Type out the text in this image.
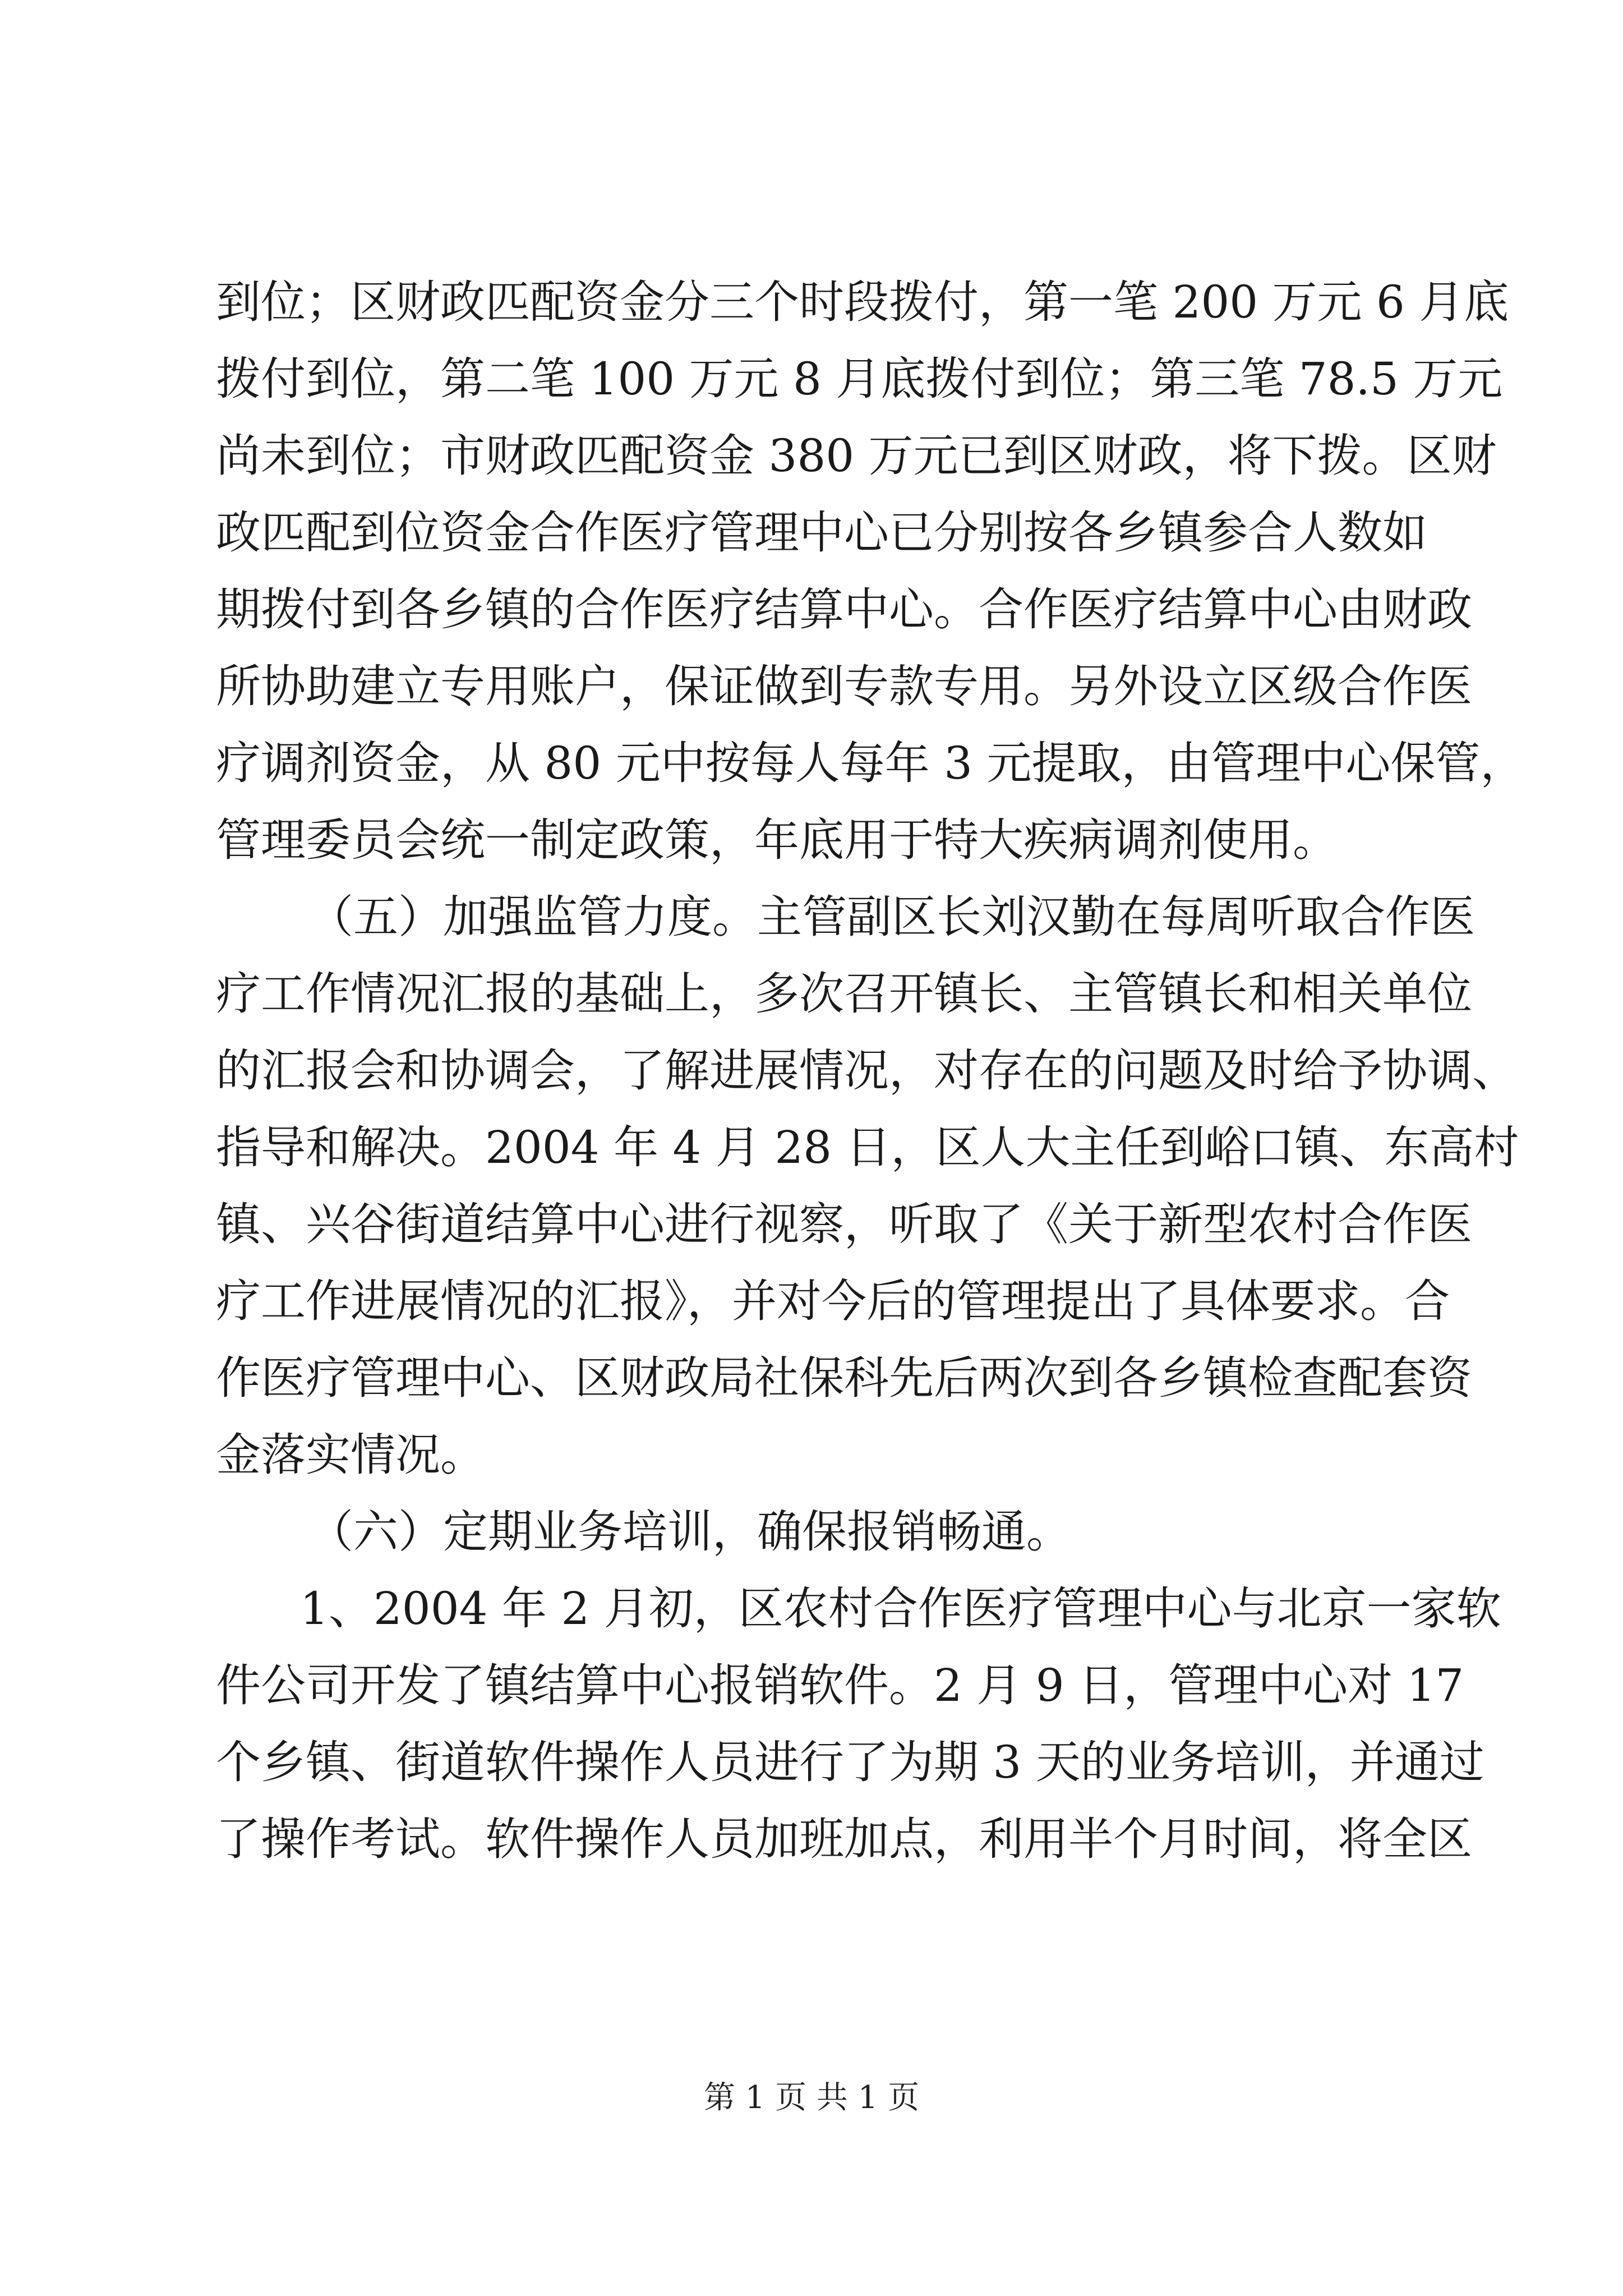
到位；区财政匹配资金分三个时段拨付，第一笔 200 万元 6 月底
拨付到位，第二笔 100 万元 8 月底拨付到位；第三笔 78.5 万元
尚未到位；市财政匹配资金 380 万元已到区财政，将下拨。区财
政匹配到位资金合作医疗管理中心已分别按各乡镇参合人数如
期拨付到各乡镇的合作医疗结算中心。合作医疗结算中心由财政
所协助建立专用账户，保证做到专款专用。另外设立区级合作医
疗调剂资金，从 80 元中按每人每年 3 元提取，由管理中心保管，
管理委员会统一制定政策，年底用于特大疾病调剂使用。
（五）加强监管力度。主管副区长刘汉勤在每周听取合作医
疗工作情况汇报的基础上，多次召开镇长、主管镇长和相关单位
的汇报会和协调会，了解进展情况，对存在的问题及时给予协调、
指导和解决。2004 年 4 月 28 日，区人大主任到峪口镇、东高村
镇、兴谷街道结算中心进行视察，听取了《关于新型农村合作医
疗工作进展情况的汇报》，并对今后的管理提出了具体要求。合
作医疗管理中心、区财政局社保科先后两次到各乡镇检查配套资
金落实情况。
（六）定期业务培训，确保报销畅通。
1、2004 年 2 月初，区农村合作医疗管理中心与北京一家软
件公司开发了镇结算中心报销软件。2 月 9 日，管理中心对 17
个乡镇、街道软件操作人员进行了为期 3 天的业务培训，并通过
了操作考试。软件操作人员加班加点，利用半个月时间，将全区
第 1 页 共 1 页
